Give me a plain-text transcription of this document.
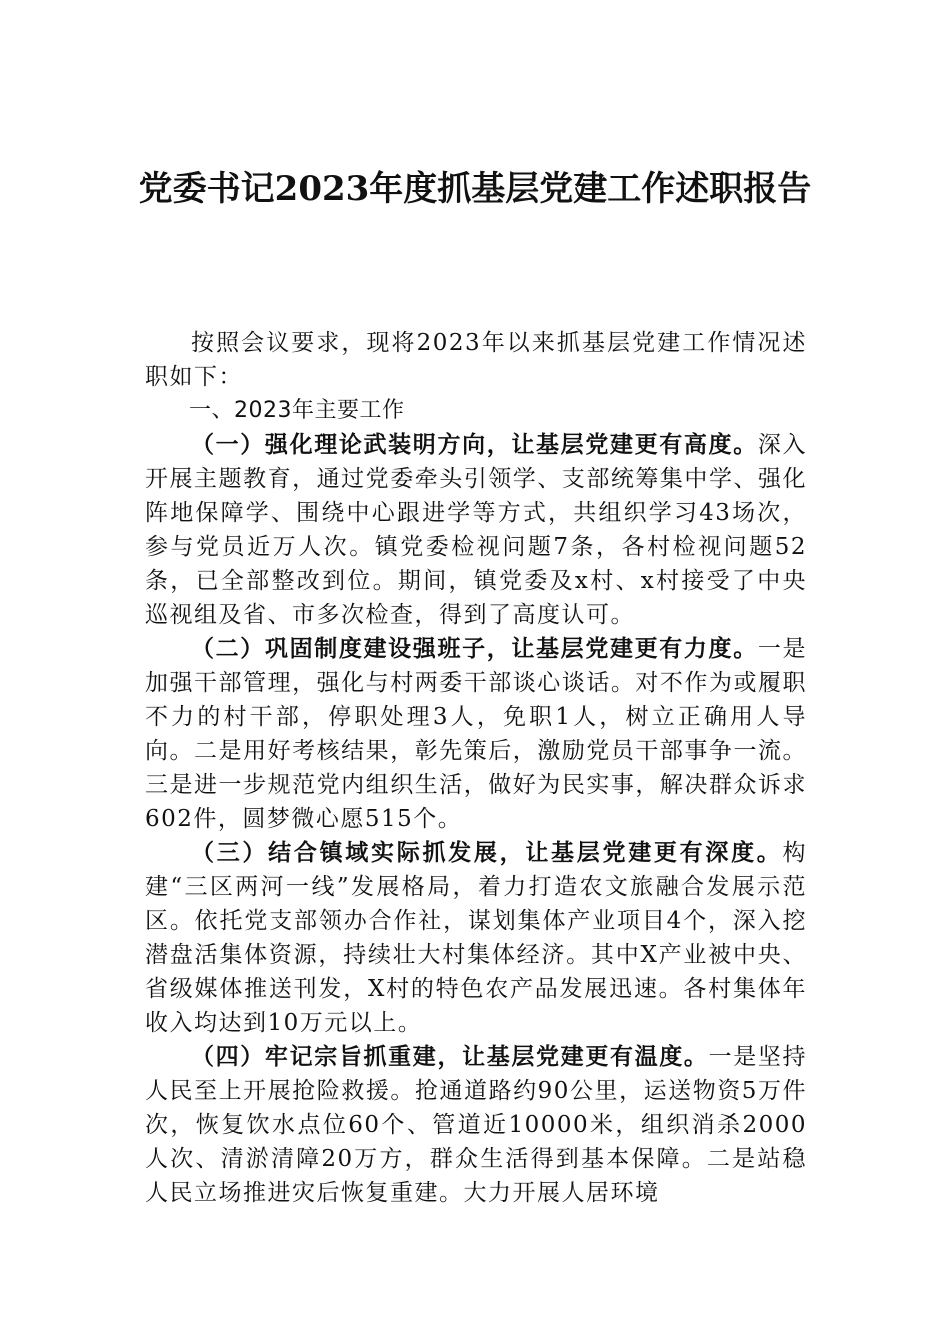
党委书记2023年度抓基层党建工作述职报告

按照会议要求，现将2023年以来抓基层党建工作情况述职如下：

一、2023年主要工作

（一）强化理论武装明方向，让基层党建更有高度。深入开展主题教育，通过党委牵头引领学、支部统筹集中学、强化阵地保障学、围绕中心跟进学等方式，共组织学习43场次，参与党员近万人次。镇党委检视问题7条，各村检视问题52条，已全部整改到位。期间，镇党委及x村、x村接受了中央巡视组及省、市多次检查，得到了高度认可。

（二）巩固制度建设强班子，让基层党建更有力度。一是加强干部管理，强化与村两委干部谈心谈话。对不作为或履职不力的村干部，停职处理3人，免职1人，树立正确用人导向。二是用好考核结果，彰先策后，激励党员干部事争一流。三是进一步规范党内组织生活，做好为民实事，解决群众诉求602件，圆梦微心愿515个。

（三）结合镇域实际抓发展，让基层党建更有深度。构建“三区两河一线”发展格局，着力打造农文旅融合发展示范区。依托党支部领办合作社，谋划集体产业项目4个，深入挖潜盘活集体资源，持续壮大村集体经济。其中X产业被中央、省级媒体推送刊发，X村的特色农产品发展迅速。各村集体年收入均达到10万元以上。

（四）牢记宗旨抓重建，让基层党建更有温度。一是坚持人民至上开展抢险救援。抢通道路约90公里，运送物资5万件次，恢复饮水点位60个、管道近10000米，组织消杀2000人次、清淤清障20万方，群众生活得到基本保障。二是站稳人民立场推进灾后恢复重建。大力开展人居环境
